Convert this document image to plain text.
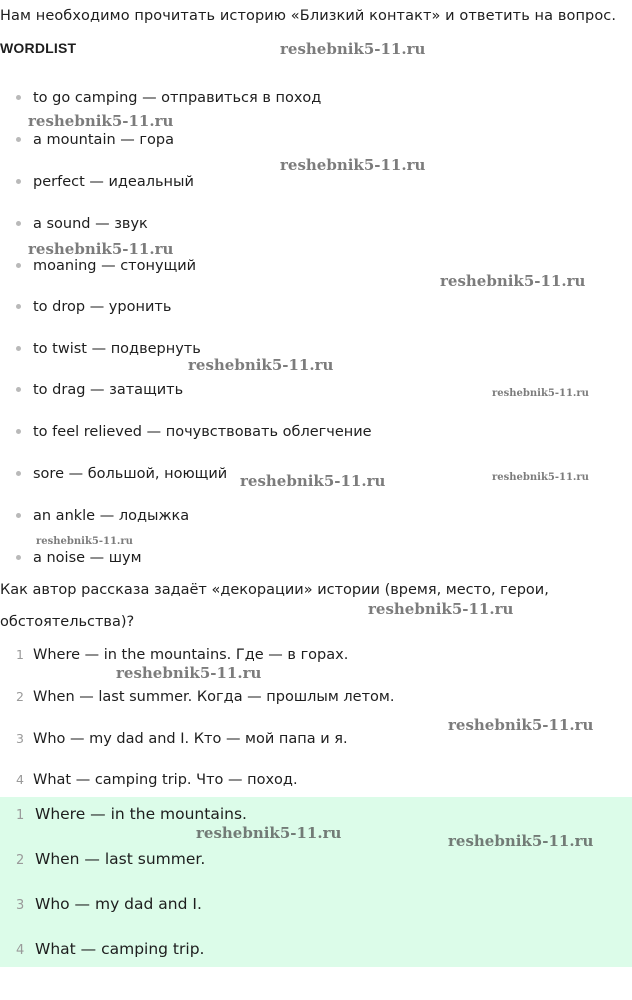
Нам необходимо прочитать историю «Близкий контакт» и ответить на вопрос.
WORDLIST
to go camping — отправиться в поход
a mountain — гора
perfect — идеальный
a sound — звук
moaning — стонущий
to drop — уронить
to twist — подвернуть
to drag — затащить
to feel relieved — почувствовать облегчение
sore — большой, ноющий
an ankle — лодыжка
a noise — шум
Как автор рассказа задаёт «декорации» истории (время, место, герои,
обстоятельства)?
1 Where — in the mountains. Где — в горах.
2 When — last summer. Когда — прошлым летом.
3 Who — my dad and I. Кто — мой папа и я.
4 What — camping trip. Что — поход.
1 Where — in the mountains.
2 When — last summer.
3 Who — my dad and I.
4 What — camping trip.
reshebnik5-11.ru
reshebnik5-11.ru
reshebnik5-11.ru
reshebnik5-11.ru
reshebnik5-11.ru
reshebnik5-11.ru
reshebnik5-11.ru
reshebnik5-11.ru	reshebnik5-11.ru
reshebnik5-11.ru
reshebnik5-11.ru
reshebnik5-11.ru
reshebnik5-11.ru
reshebnik5-11.ru	reshebnik5-11.ru
